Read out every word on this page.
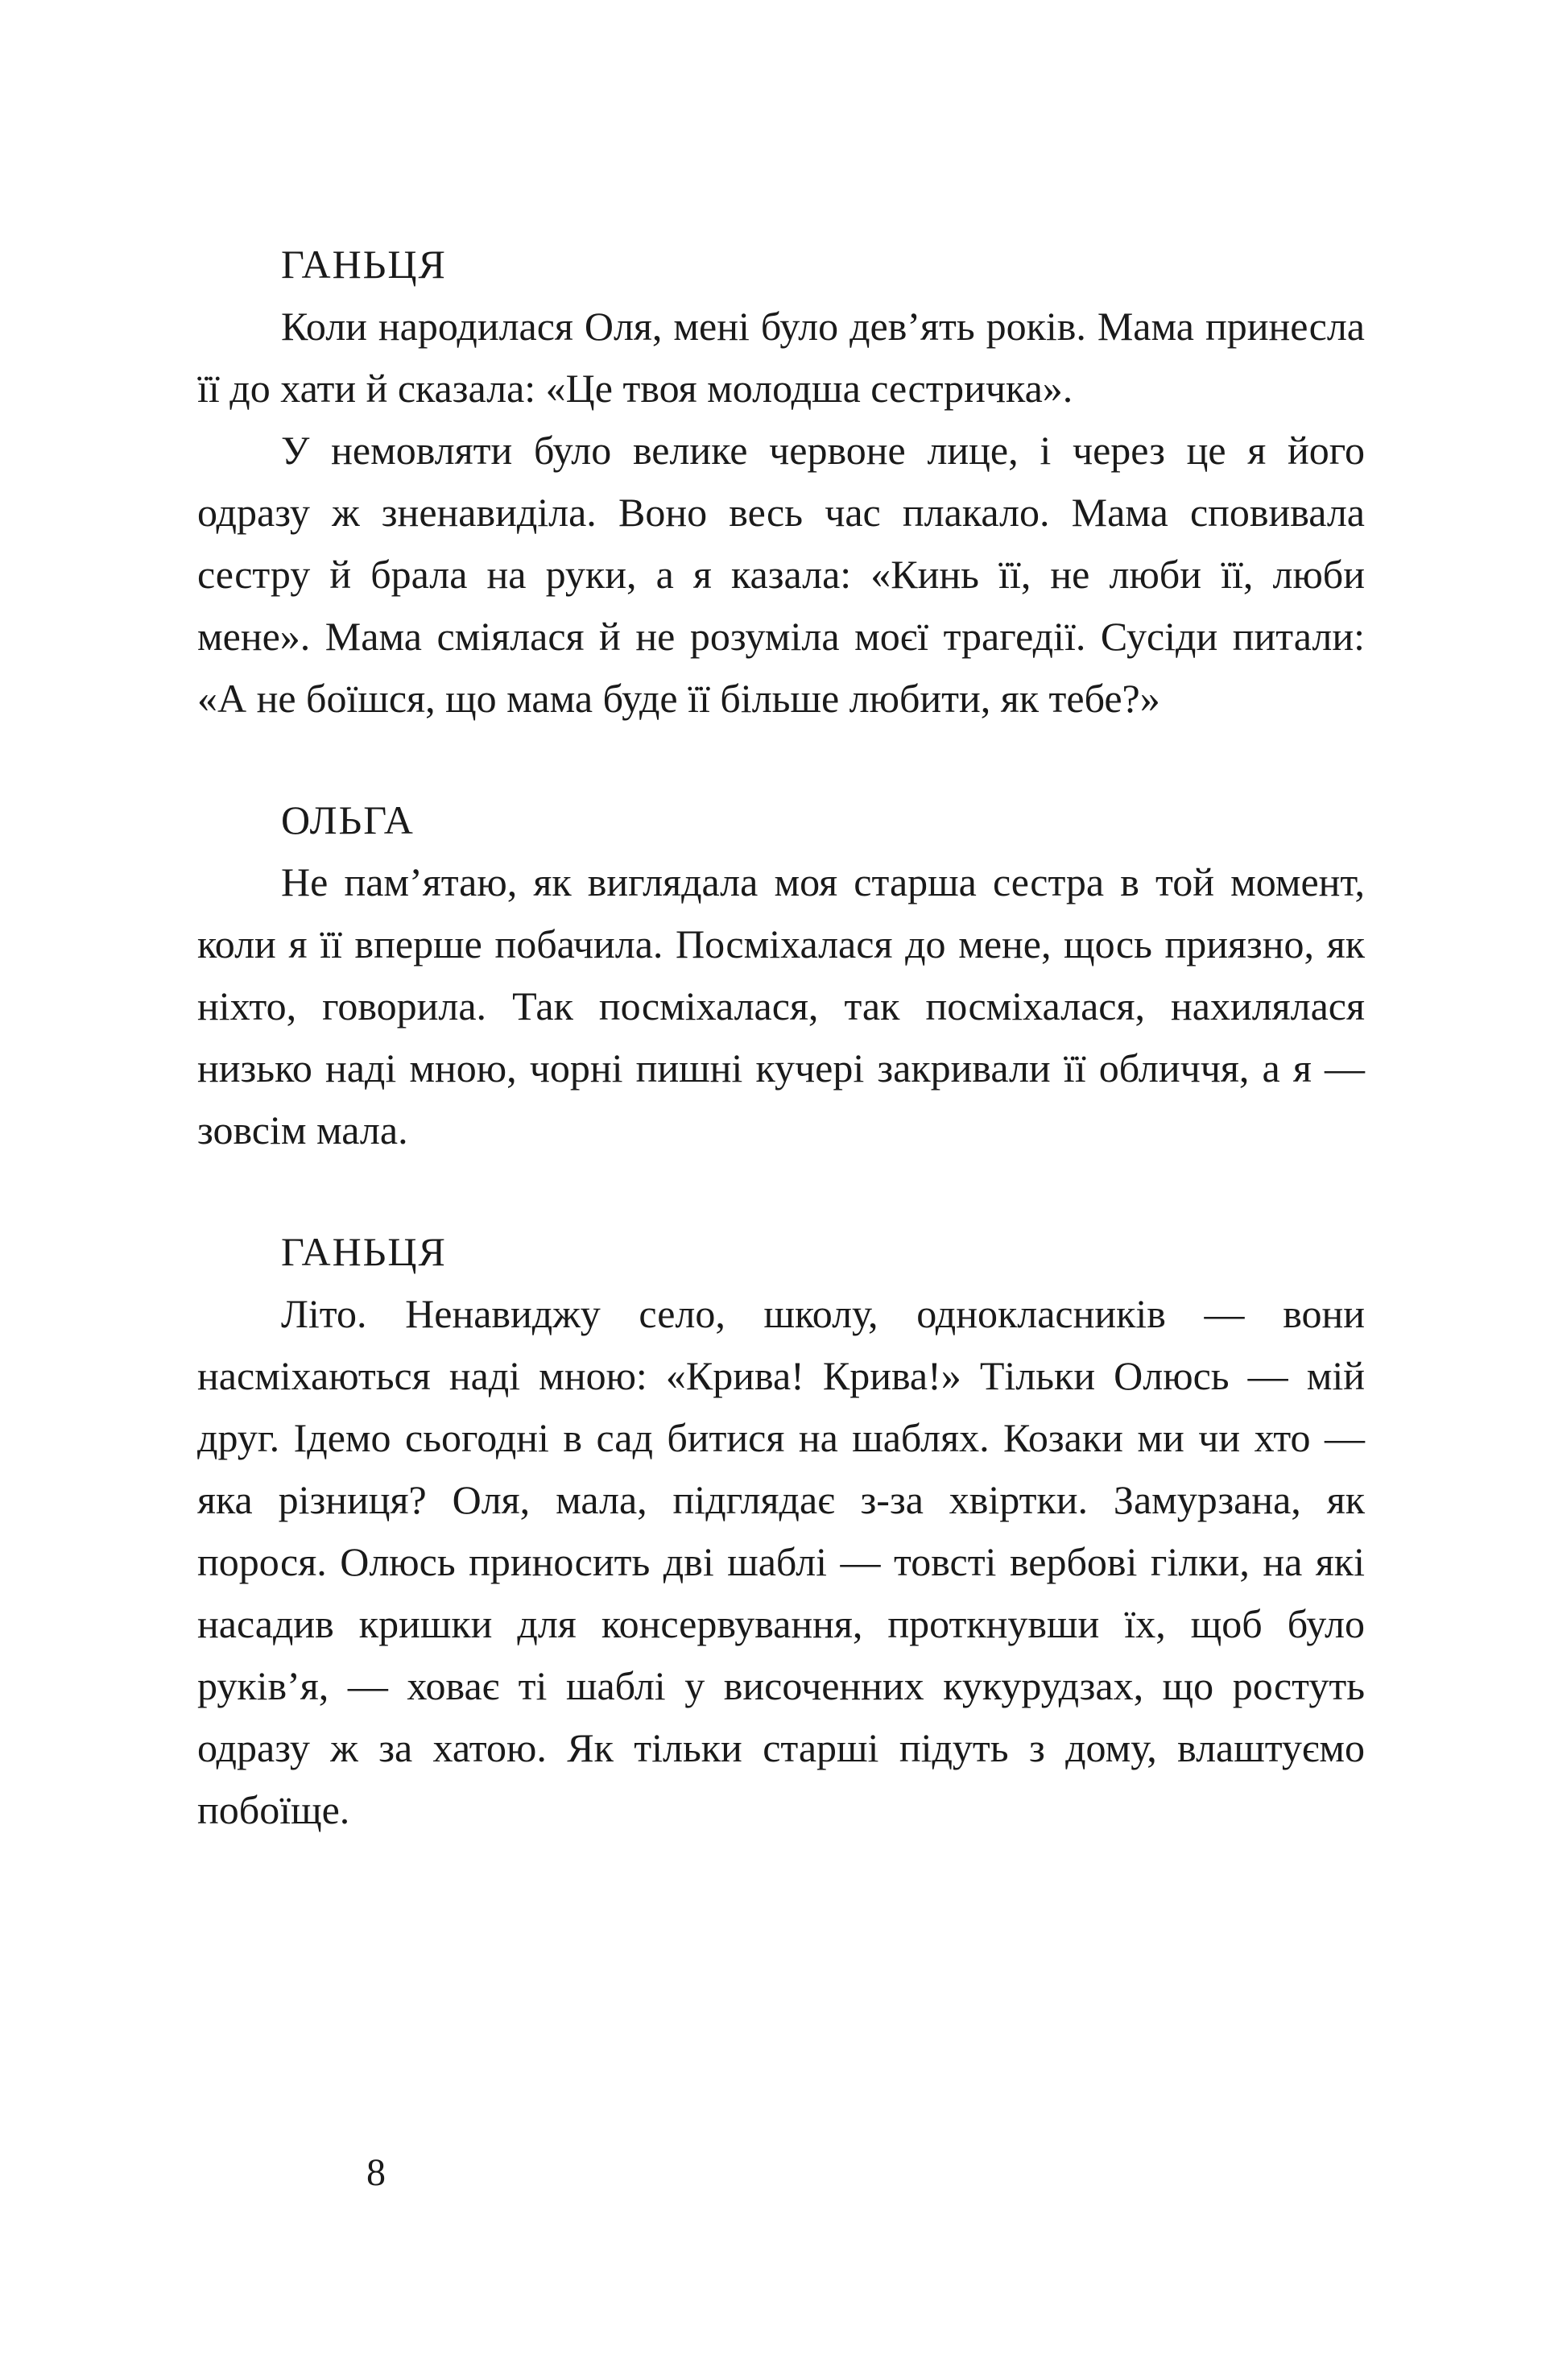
ГАНЬЦЯ

Коли народилася Оля, мені було дев’ять років. Мама принесла її до хати й сказала: «Це твоя молодша сестричка».

У немовляти було велике червоне лице, і через це я його одразу ж зненавиділа. Воно весь час плакало. Мама сповивала сестру й брала на руки, а я казала: «Кинь її, не люби її, люби мене». Мама сміялася й не розуміла моєї трагедії. Сусіди питали: «А не боїшся, що мама буде її більше любити, як тебе?»

ОЛЬГА

Не пам’ятаю, як виглядала моя старша сестра в той момент, коли я її вперше побачила. Посміхалася до мене, щось приязно, як ніхто, говорила. Так посміхалася, так посміхалася, нахилялася низько наді мною, чорні пишні кучері закривали її обличчя, а я — зовсім мала.

ГАНЬЦЯ

Літо. Ненавиджу село, школу, однокласників — вони насміхаються наді мною: «Крива! Крива!» Тільки Олюсь — мій друг. Ідемо сьогодні в сад битися на шаблях. Козаки ми чи хто — яка різниця? Оля, мала, підглядає з-за хвіртки. Замурзана, як порося. Олюсь приносить дві шаблі — товсті вербові гілки, на які насадив кришки для консервування, проткнувши їх, щоб було руків’я, — ховає ті шаблі у височенних кукурудзах, що ростуть одразу ж за хатою. Як тільки старші підуть з дому, влаштуємо побоїще.

8
